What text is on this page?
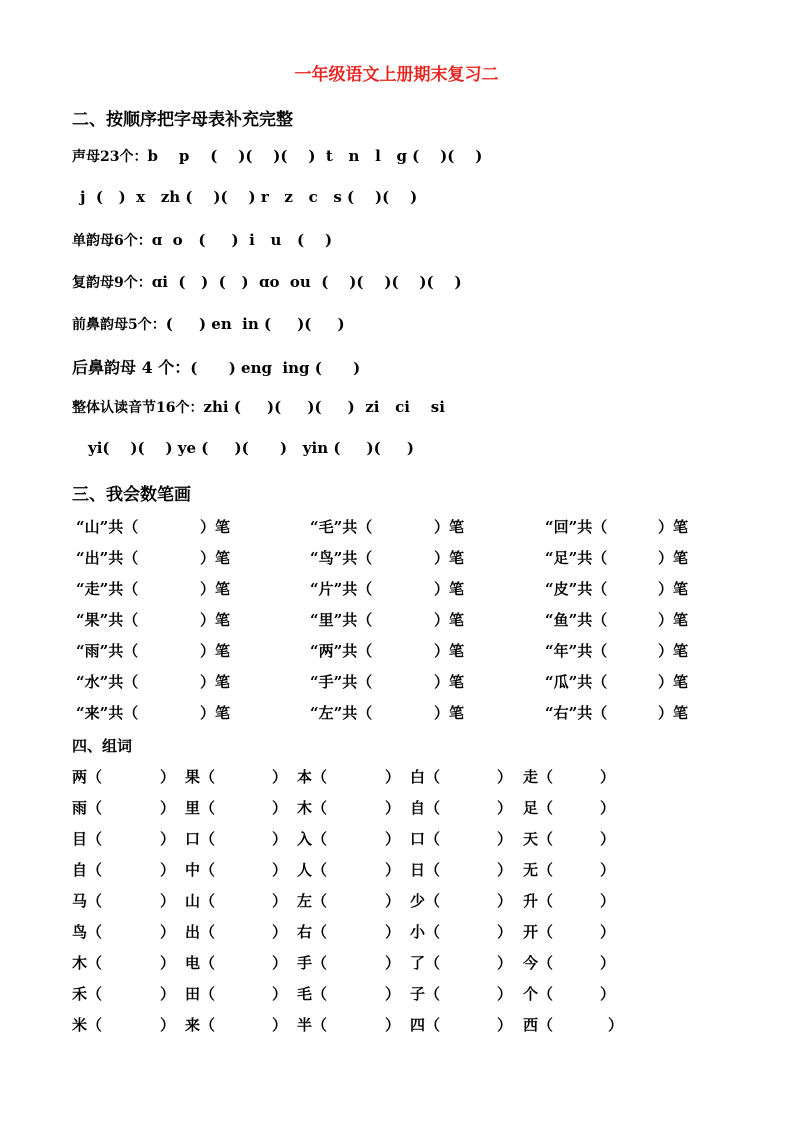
一年级语文上册期末复习二
二、按顺序把字母表补充完整
声母23个：b    p    (    )(    )(    )  t   n   l   g (    )(    )
j  (   )  x   zh (    )(    ) r   z   c   s (    )(    )
单韵母6个：ɑ  o   (     )  i   u   (    )
复韵母9个：ɑi  (   )  (   )  ɑo  ou  (    )(    )(    )(    )
前鼻韵母5个：(     ) en  in (     )(     )
后鼻韵母 4 个：(      ) eng  ing (      )
整体认读音节16个：zhi (     )(     )(     )  zi   ci    si
yi(    )(    ) ye (     )(      )   yin (     )(     )
三、我会数笔画
“山”共（	）笔	“毛”共（	）笔	“回”共（	）笔
“出”共（	）笔	“鸟”共（	）笔	“足”共（	）笔
“走”共（	）笔	“片”共（	）笔	“皮”共（	）笔
“果”共（	）笔	“里”共（	）笔	“鱼”共（	）笔
“雨”共（	）笔	“两”共（	）笔	“年”共（	）笔
“水”共（	）笔	“手”共（	）笔	“瓜”共（	）笔
“来”共（	）笔	“左”共（	）笔	“右”共（	）笔
四、组词
两（	） 果（	） 本（	） 白（	） 走（	）
雨（	） 里（	） 木（	） 自（	） 足（	）
目（	） 口（	） 入（	） 口（	） 天（	）
自（	） 中（	） 人（	） 日（	） 无（	）
马（	） 山（	） 左（	） 少（	） 升（	）
鸟（	） 出（	） 右（	） 小（	） 开（	）
木（	） 电（	） 手（	） 了（	） 今（	）
禾（	） 田（	） 毛（	） 子（	） 个（	）
米（	） 来（	） 半（	） 四（	） 西（	）
